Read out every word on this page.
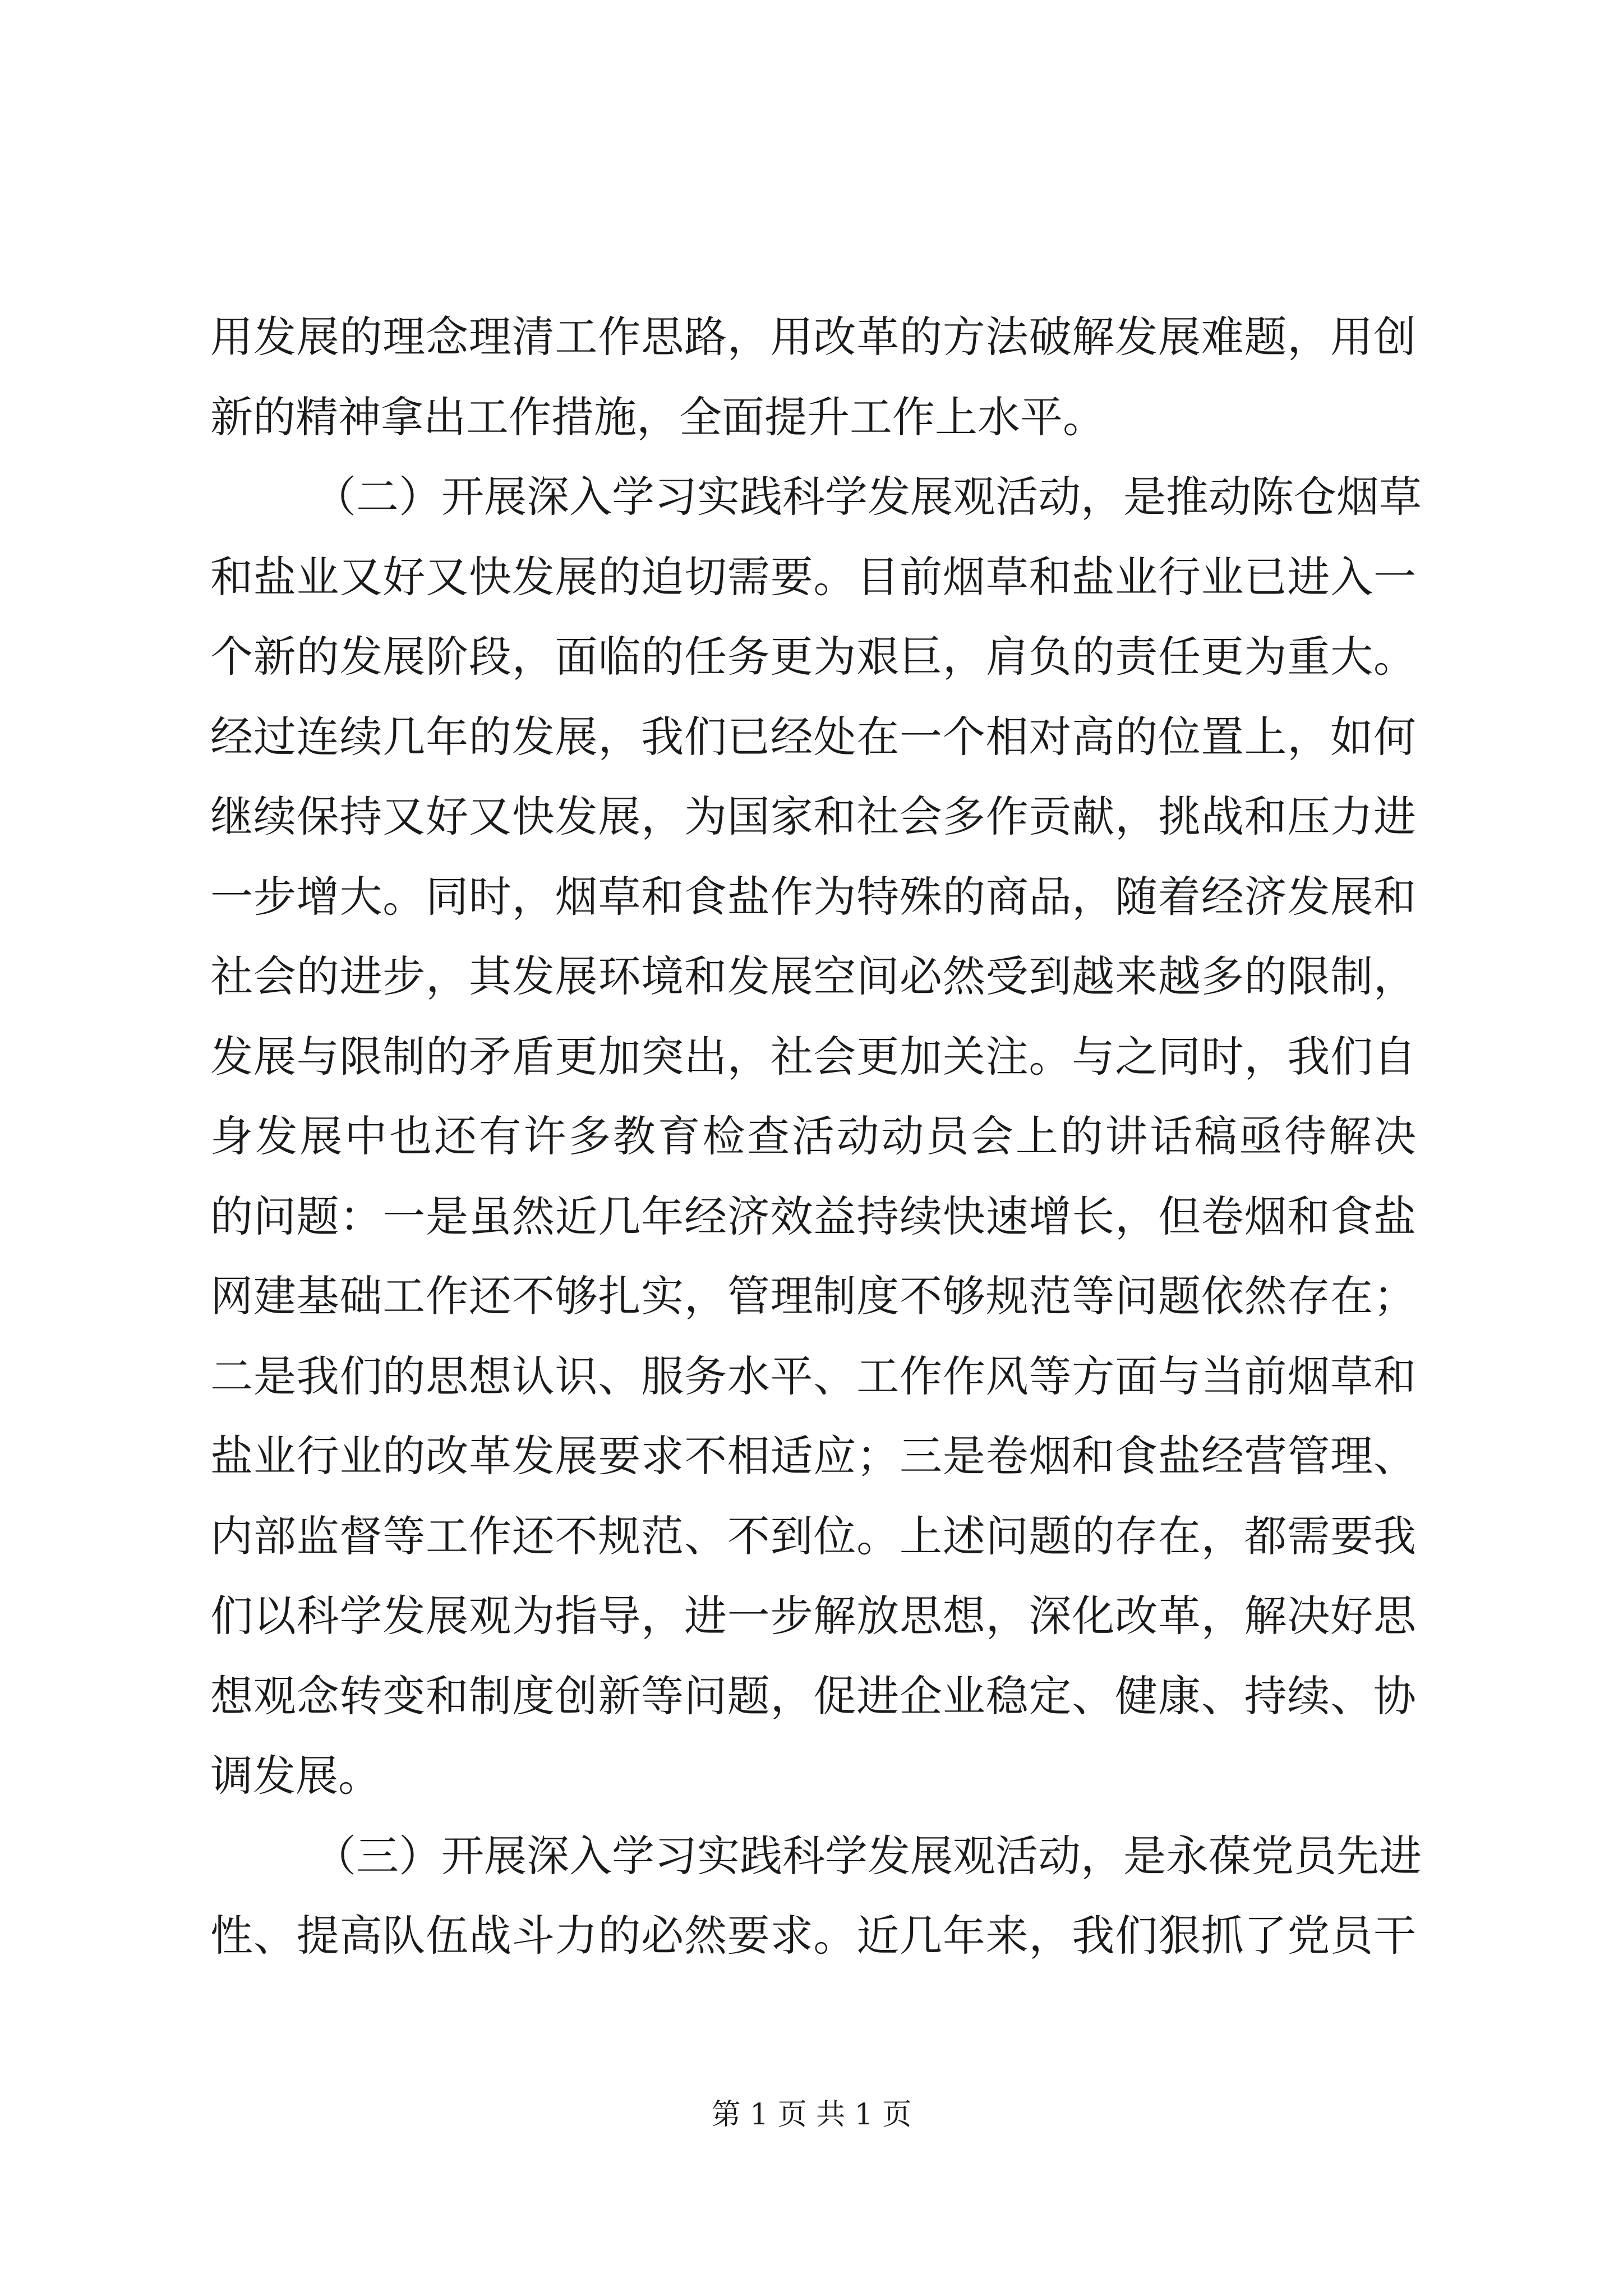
用发展的理念理清工作思路，用改革的方法破解发展难题，用创
新的精神拿出工作措施，全面提升工作上水平。
（二）开展深入学习实践科学发展观活动，是推动陈仓烟草
和盐业又好又快发展的迫切需要。目前烟草和盐业行业已进入一
个新的发展阶段，面临的任务更为艰巨，肩负的责任更为重大。
经过连续几年的发展，我们已经处在一个相对高的位置上，如何
继续保持又好又快发展，为国家和社会多作贡献，挑战和压力进
一步增大。同时，烟草和食盐作为特殊的商品，随着经济发展和
社会的进步，其发展环境和发展空间必然受到越来越多的限制，
发展与限制的矛盾更加突出，社会更加关注。与之同时，我们自
身发展中也还有许多教育检查活动动员会上的讲话稿亟待解决
的问题：一是虽然近几年经济效益持续快速增长，但卷烟和食盐
网建基础工作还不够扎实，管理制度不够规范等问题依然存在；
二是我们的思想认识、服务水平、工作作风等方面与当前烟草和
盐业行业的改革发展要求不相适应；三是卷烟和食盐经营管理、
内部监督等工作还不规范、不到位。上述问题的存在，都需要我
们以科学发展观为指导，进一步解放思想，深化改革，解决好思
想观念转变和制度创新等问题，促进企业稳定、健康、持续、协
调发展。
（三）开展深入学习实践科学发展观活动，是永葆党员先进
性、提高队伍战斗力的必然要求。近几年来，我们狠抓了党员干
第 1 页 共 1 页
